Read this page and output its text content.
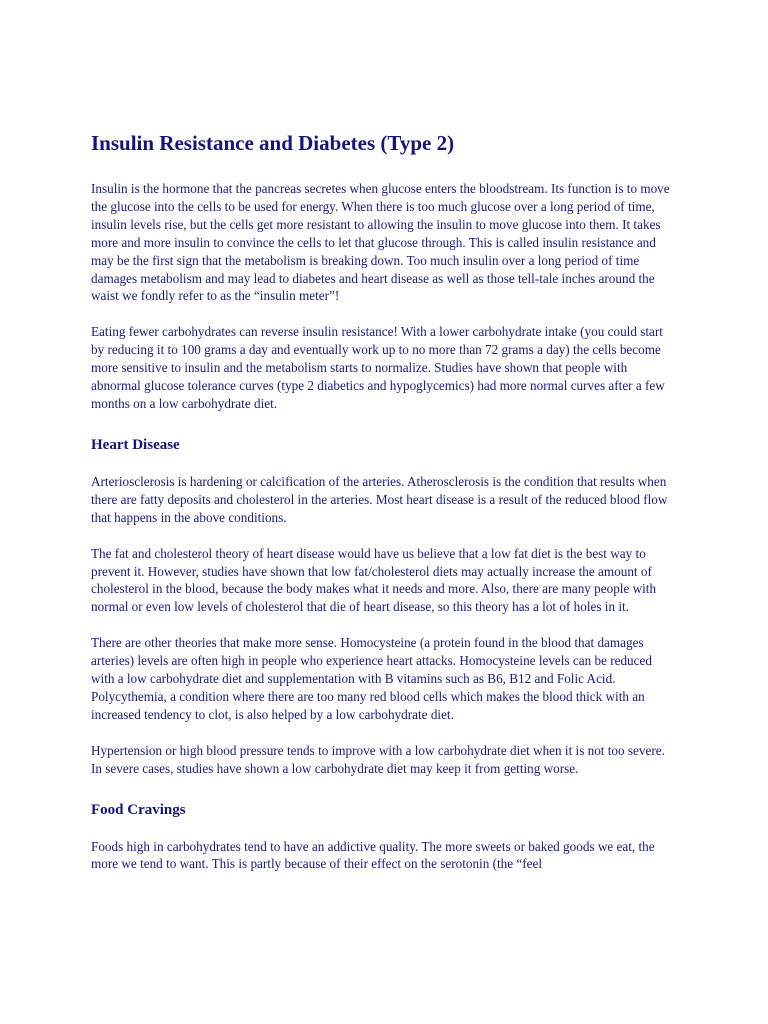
Insulin Resistance and Diabetes (Type 2)

Insulin is the hormone that the pancreas secretes when glucose enters the bloodstream. Its function is to move the glucose into the cells to be used for energy. When there is too much glucose over a long period of time, insulin levels rise, but the cells get more resistant to allowing the insulin to move glucose into them. It takes more and more insulin to convince the cells to let that glucose through. This is called insulin resistance and may be the first sign that the metabolism is breaking down. Too much insulin over a long period of time damages metabolism and may lead to diabetes and heart disease as well as those tell-tale inches around the waist we fondly refer to as the “insulin meter”!

Eating fewer carbohydrates can reverse insulin resistance! With a lower carbohydrate intake (you could start by reducing it to 100 grams a day and eventually work up to no more than 72 grams a day) the cells become more sensitive to insulin and the metabolism starts to normalize. Studies have shown that people with abnormal glucose tolerance curves (type 2 diabetics and hypoglycemics) had more normal curves after a few months on a low carbohydrate diet.

Heart Disease

Arteriosclerosis is hardening or calcification of the arteries. Atherosclerosis is the condition that results when there are fatty deposits and cholesterol in the arteries. Most heart disease is a result of the reduced blood flow that happens in the above conditions.

The fat and cholesterol theory of heart disease would have us believe that a low fat diet is the best way to prevent it. However, studies have shown that low fat/cholesterol diets may actually increase the amount of cholesterol in the blood, because the body makes what it needs and more. Also, there are many people with normal or even low levels of cholesterol that die of heart disease, so this theory has a lot of holes in it.

There are other theories that make more sense. Homocysteine (a protein found in the blood that damages arteries) levels are often high in people who experience heart attacks. Homocysteine levels can be reduced with a low carbohydrate diet and supplementation with B vitamins such as B6, B12 and Folic Acid. Polycythemia, a condition where there are too many red blood cells which makes the blood thick with an increased tendency to clot, is also helped by a low carbohydrate diet.

Hypertension or high blood pressure tends to improve with a low carbohydrate diet when it is not too severe. In severe cases, studies have shown a low carbohydrate diet may keep it from getting worse.

Food Cravings

Foods high in carbohydrates tend to have an addictive quality. The more sweets or baked goods we eat, the more we tend to want. This is partly because of their effect on the serotonin (the “feel
